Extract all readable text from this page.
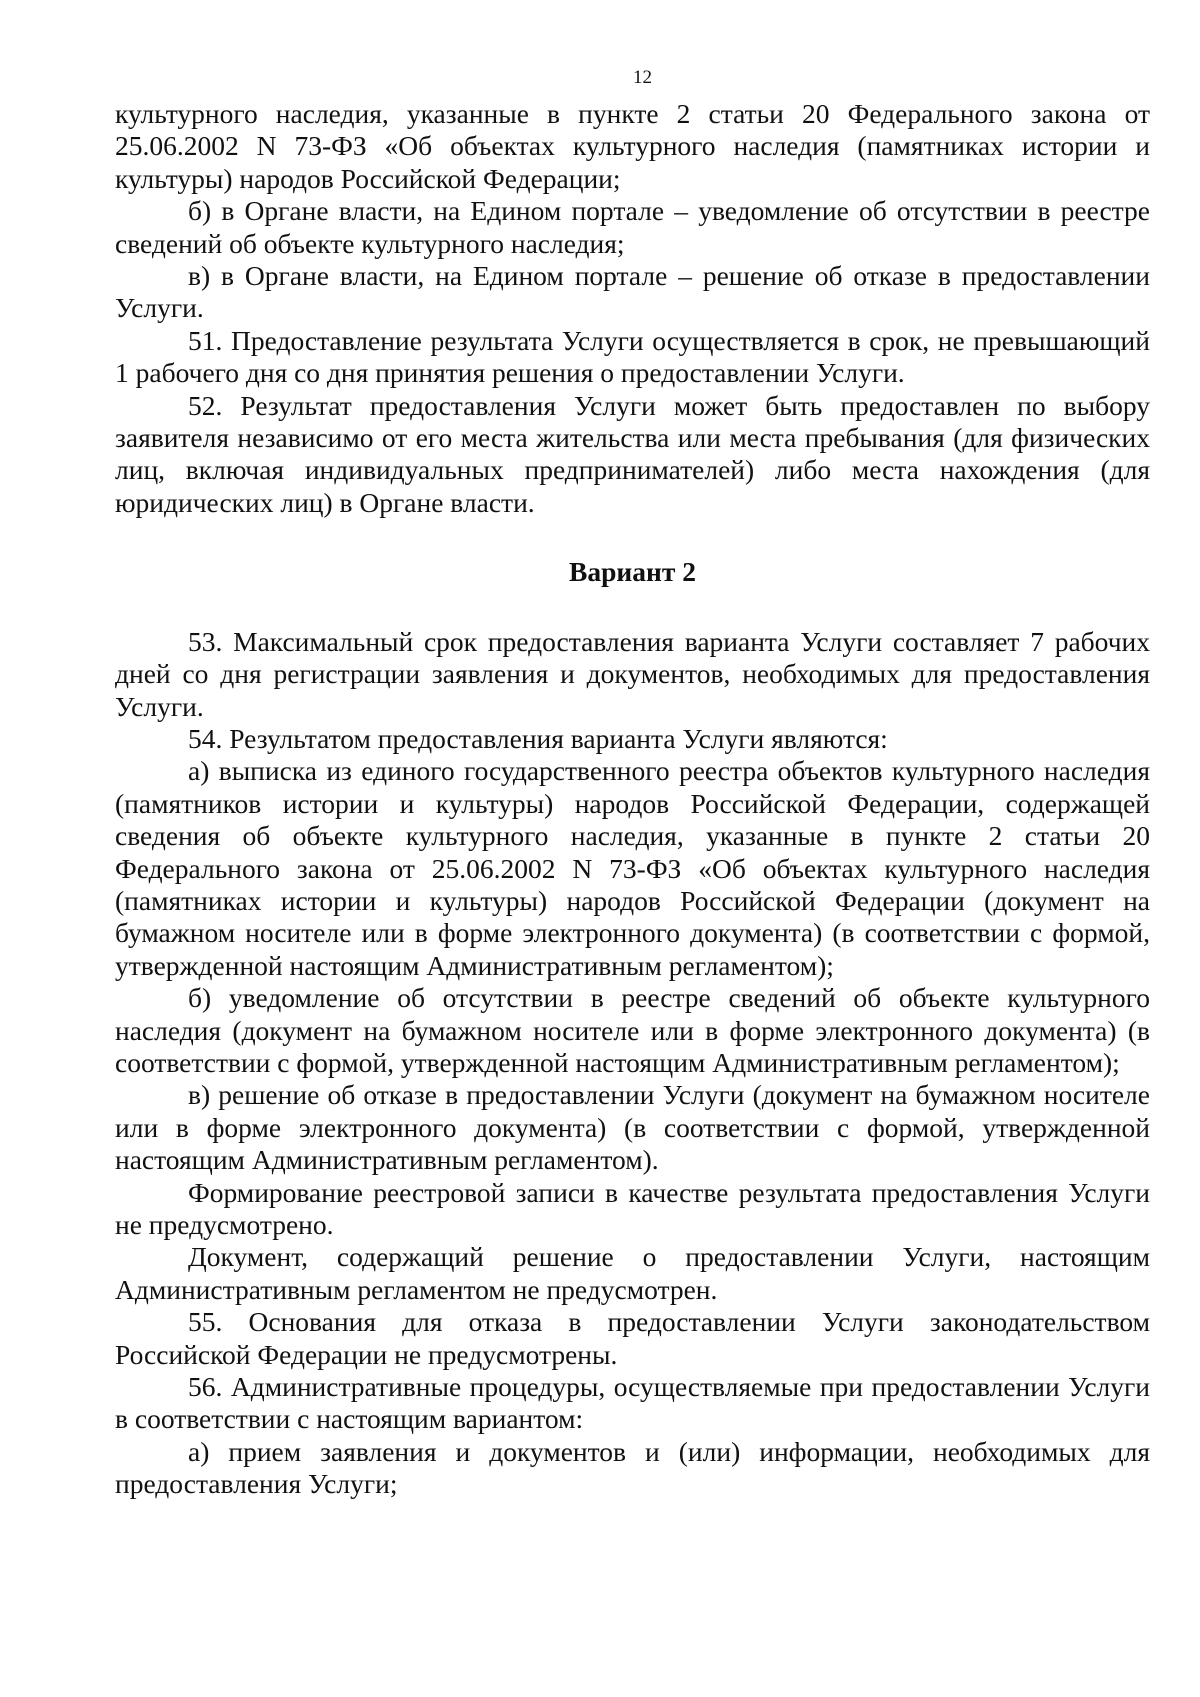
12

культурного наследия, указанные в пункте 2 статьи 20 Федерального закона от 25.06.2002 N 73-ФЗ «Об объектах культурного наследия (памятниках истории и культуры) народов Российской Федерации;

б) в Органе власти, на Едином портале – уведомление об отсутствии в реестре сведений об объекте культурного наследия;

в) в Органе власти, на Едином портале – решение об отказе в предоставлении Услуги.

51. Предоставление результата Услуги осуществляется в срок, не превышающий 1 рабочего дня со дня принятия решения о предоставлении Услуги.

52. Результат предоставления Услуги может быть предоставлен по выбору заявителя независимо от его места жительства или места пребывания (для физических лиц, включая индивидуальных предпринимателей) либо места нахождения (для юридических лиц) в Органе власти.

Вариант 2

53. Максимальный срок предоставления варианта Услуги составляет 7 рабочих дней со дня регистрации заявления и документов, необходимых для предоставления Услуги.

54. Результатом предоставления варианта Услуги являются:

а) выписка из единого государственного реестра объектов культурного наследия (памятников истории и культуры) народов Российской Федерации, содержащей сведения об объекте культурного наследия, указанные в пункте 2 статьи 20 Федерального закона от 25.06.2002 N 73-ФЗ «Об объектах культурного наследия (памятниках истории и культуры) народов Российской Федерации (документ на бумажном носителе или в форме электронного документа) (в соответствии с формой, утвержденной настоящим Административным регламентом);

б) уведомление об отсутствии в реестре сведений об объекте культурного наследия (документ на бумажном носителе или в форме электронного документа) (в соответствии с формой, утвержденной настоящим Административным регламентом);

в) решение об отказе в предоставлении Услуги (документ на бумажном носителе или в форме электронного документа) (в соответствии с формой, утвержденной настоящим Административным регламентом).

Формирование реестровой записи в качестве результата предоставления Услуги не предусмотрено.

Документ, содержащий решение о предоставлении Услуги, настоящим Административным регламентом не предусмотрен.

55. Основания для отказа в предоставлении Услуги законодательством Российской Федерации не предусмотрены.

56. Административные процедуры, осуществляемые при предоставлении Услуги в соответствии с настоящим вариантом:

а) прием заявления и документов и (или) информации, необходимых для предоставления Услуги;
